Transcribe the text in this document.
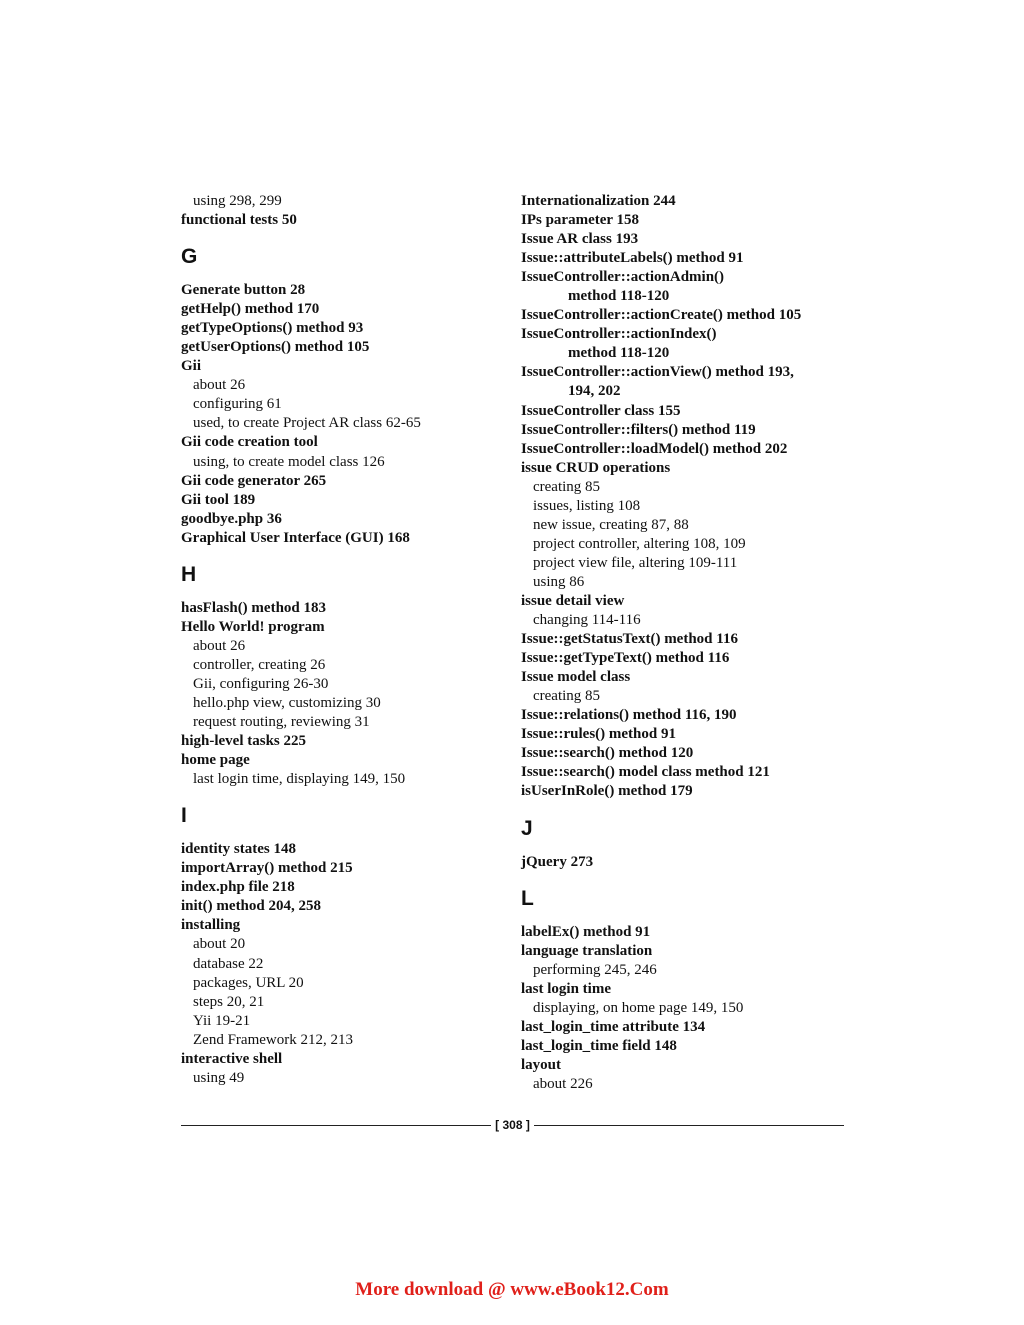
using 298, 299
functional tests 50
G
Generate button 28
getHelp() method 170
getTypeOptions() method 93
getUserOptions() method 105
Gii
about 26
configuring 61
used, to create Project AR class 62-65
Gii code creation tool
using, to create model class 126
Gii code generator 265
Gii tool 189
goodbye.php 36
Graphical User Interface (GUI) 168
H
hasFlash() method 183
Hello World! program
about 26
controller, creating 26
Gii, configuring 26-30
hello.php view, customizing 30
request routing, reviewing 31
high-level tasks 225
home page
last login time, displaying 149, 150
I
identity states 148
importArray() method 215
index.php file 218
init() method 204, 258
installing
about 20
database 22
packages, URL 20
steps 20, 21
Yii 19-21
Zend Framework 212, 213
interactive shell
using 49
Internationalization 244
IPs parameter 158
Issue AR class 193
Issue::attributeLabels() method 91
IssueController::actionAdmin()
method 118-120
IssueController::actionCreate() method 105
IssueController::actionIndex()
method 118-120
IssueController::actionView() method 193,
194, 202
IssueController class 155
IssueController::filters() method 119
IssueController::loadModel() method 202
issue CRUD operations
creating 85
issues, listing 108
new issue, creating 87, 88
project controller, altering 108, 109
project view file, altering 109-111
using 86
issue detail view
changing 114-116
Issue::getStatusText() method 116
Issue::getTypeText() method 116
Issue model class
creating 85
Issue::relations() method 116, 190
Issue::rules() method 91
Issue::search() method 120
Issue::search() model class method 121
isUserInRole() method 179
J
jQuery 273
L
labelEx() method 91
language translation
performing 245, 246
last login time
displaying, on home page 149, 150
last_login_time attribute 134
last_login_time field 148
layout
about 226
[ 308 ]
More download @ www.eBook12.Com
